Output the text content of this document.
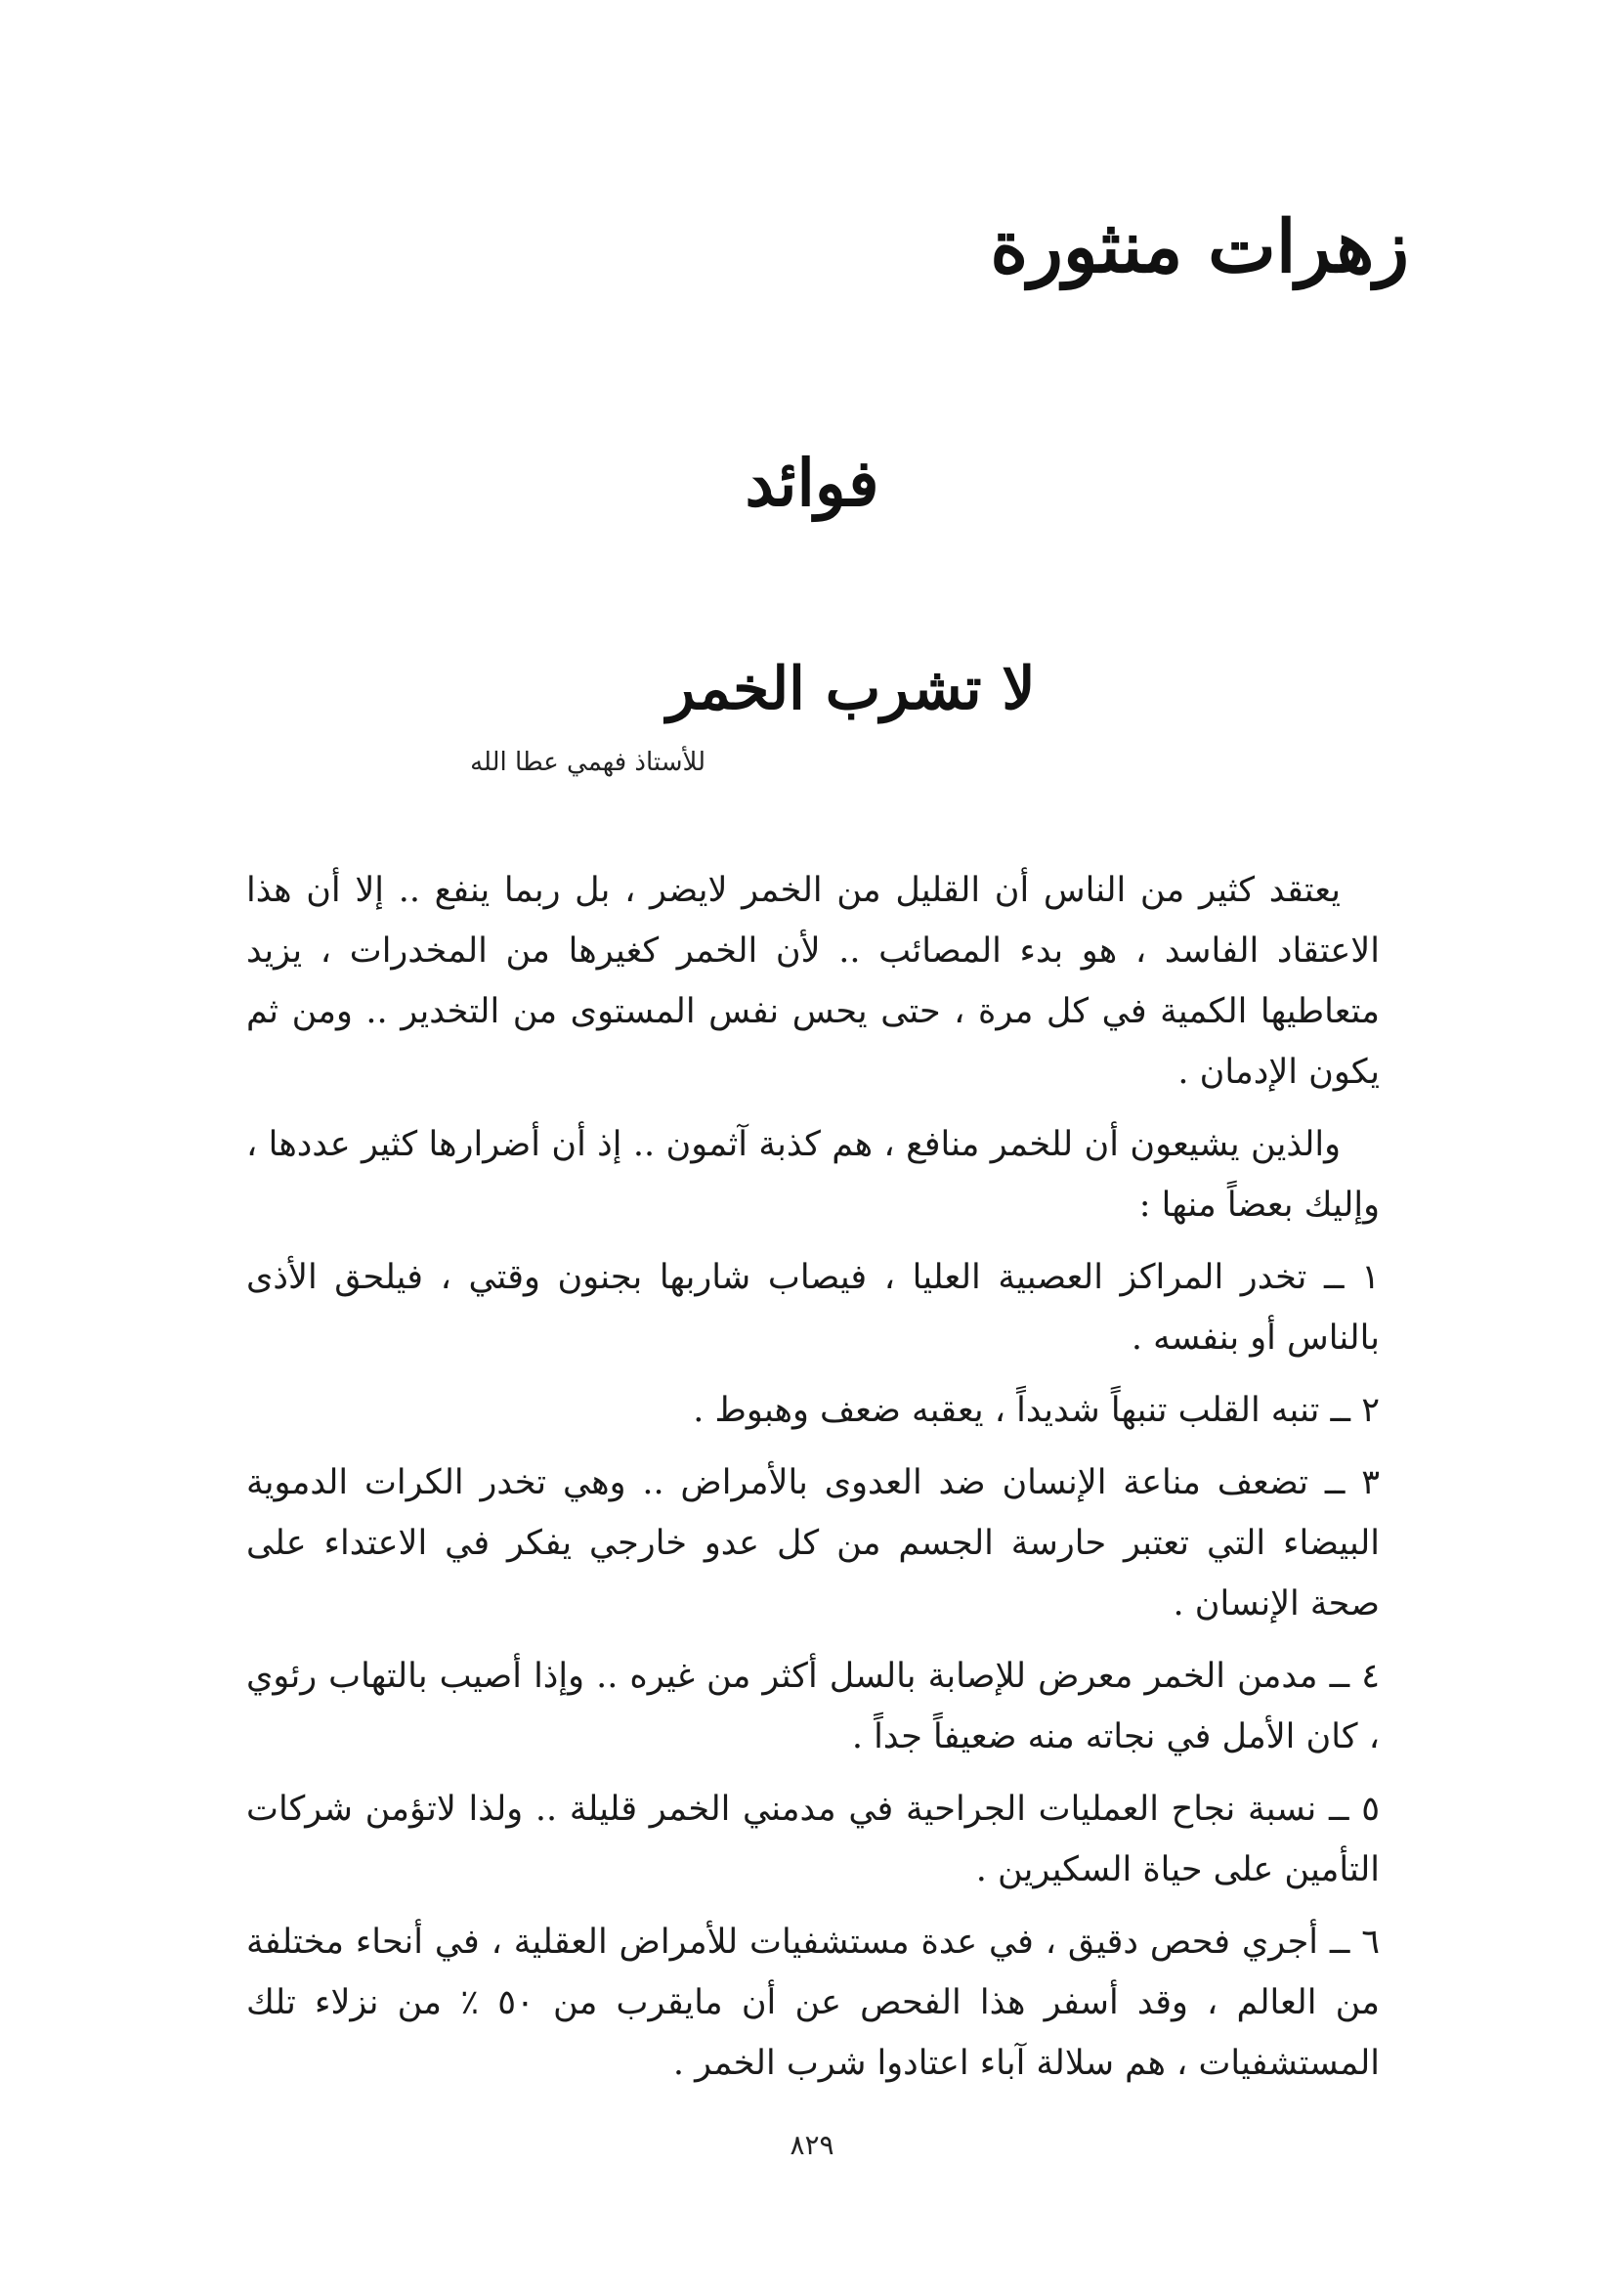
زهرات منثورة
فوائد
لا تشرب الخمر
للأستاذ فهمي عطا الله

يعتقد كثير من الناس أن القليل من الخمر لايضر ، بل ربما ينفع .. إلا أن هذا الاعتقاد الفاسد ، هو بدء المصائب .. لأن الخمر كغيرها من المخدرات ، يزيد متعاطيها الكمية في كل مرة ، حتى يحس نفس المستوى من التخدير .. ومن ثم يكون الإدمان .

والذين يشيعون أن للخمر منافع ، هم كذبة آثمون .. إذ أن أضرارها كثير عددها ، وإليك بعضاً منها :

١ ــ تخدر المراكز العصبية العليا ، فيصاب شاربها بجنون وقتي ، فيلحق الأذى بالناس أو بنفسه .

٢ ــ تنبه القلب تنبهاً شديداً ، يعقبه ضعف وهبوط .

٣ ــ تضعف مناعة الإنسان ضد العدوى بالأمراض .. وهي تخدر الكرات الدموية البيضاء التي تعتبر حارسة الجسم من كل عدو خارجي يفكر في الاعتداء على صحة الإنسان .

٤ ــ مدمن الخمر معرض للإصابة بالسل أكثر من غيره .. وإذا أصيب بالتهاب رئوي ، كان الأمل في نجاته منه ضعيفاً جداً .

٥ ــ نسبة نجاح العمليات الجراحية في مدمني الخمر قليلة .. ولذا لاتؤمن شركات التأمين على حياة السكيرين .

٦ ــ أجري فحص دقيق ، في عدة مستشفيات للأمراض العقلية ، في أنحاء مختلفة من العالم ، وقد أسفر هذا الفحص عن أن مايقرب من ٥٠ ٪ من نزلاء تلك المستشفيات ، هم سلالة آباء اعتادوا شرب الخمر .

٨٢٩
